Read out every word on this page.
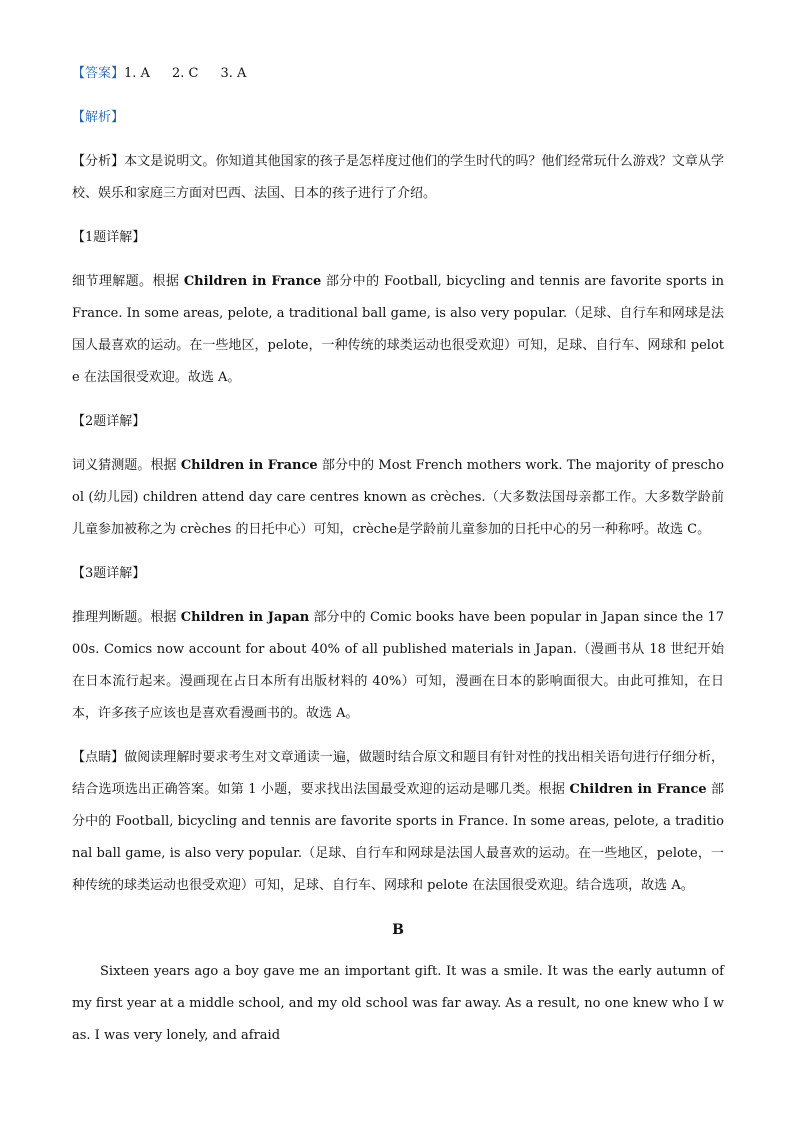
【答案】1. A 2. C 3. A

【解析】

【分析】本文是说明文。你知道其他国家的孩子是怎样度过他们的学生时代的吗？他们经常玩什么游戏？文章从学校、娱乐和家庭三方面对巴西、法国、日本的孩子进行了介绍。

【1题详解】

细节理解题。根据 Children in France 部分中的 Football, bicycling and tennis are favorite sports in France. In some areas, pelote, a traditional ball game, is also very popular.（足球、自行车和网球是法国人最喜欢的运动。在一些地区，pelote，一种传统的球类运动也很受欢迎）可知，足球、自行车、网球和 pelote 在法国很受欢迎。故选 A。

【2题详解】

词义猜测题。根据 Children in France 部分中的 Most French mothers work. The majority of preschool (幼儿园) children attend day care centres known as crèches.（大多数法国母亲都工作。大多数学龄前儿童参加被称之为 crèches 的日托中心）可知，crèche是学龄前儿童参加的日托中心的另一种称呼。故选 C。

【3题详解】

推理判断题。根据 Children in Japan 部分中的 Comic books have been popular in Japan since the 1700s. Comics now account for about 40% of all published materials in Japan.（漫画书从 18 世纪开始在日本流行起来。漫画现在占日本所有出版材料的 40%）可知，漫画在日本的影响面很大。由此可推知，在日本，许多孩子应该也是喜欢看漫画书的。故选 A。

【点睛】做阅读理解时要求考生对文章通读一遍，做题时结合原文和题目有针对性的找出相关语句进行仔细分析，结合选项选出正确答案。如第 1 小题，要求找出法国最受欢迎的运动是哪几类。根据 Children in France 部分中的 Football, bicycling and tennis are favorite sports in France. In some areas, pelote, a traditional ball game, is also very popular.（足球、自行车和网球是法国人最喜欢的运动。在一些地区，pelote，一种传统的球类运动也很受欢迎）可知，足球、自行车、网球和 pelote 在法国很受欢迎。结合选项，故选 A。

B

Sixteen years ago a boy gave me an important gift. It was a smile. It was the early autumn of my first year at a middle school, and my old school was far away. As a result, no one knew who I was. I was very lonely, and afraid
